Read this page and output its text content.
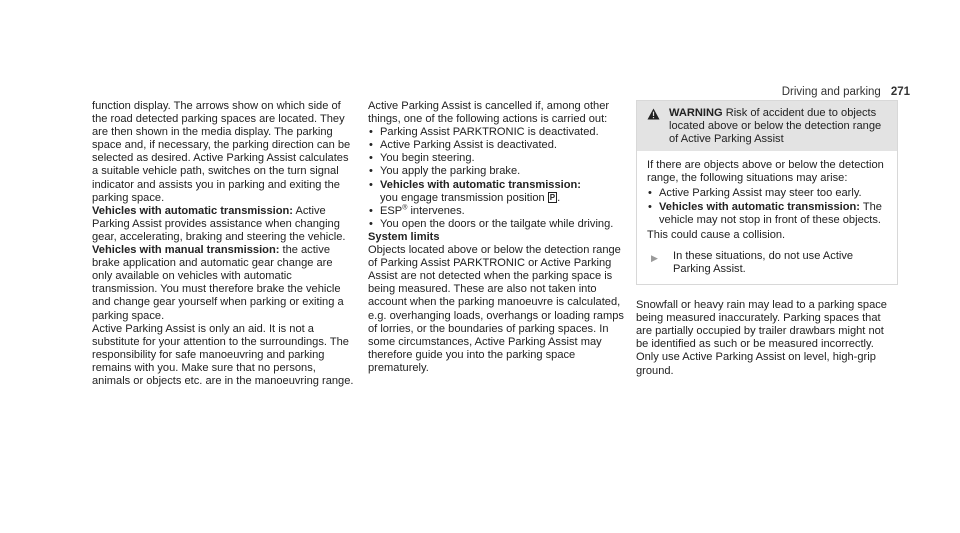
Driving and parking 271

function display. The arrows show on which side of the road detected parking spaces are located. They are then shown in the media display. The parking space and, if necessary, the parking direction can be selected as desired. Active Parking Assist calculates a suitable vehicle path, switches on the turn signal indicator and assists you in parking and exiting the parking space.

Vehicles with automatic transmission: Active Parking Assist provides assistance when changing gear, accelerating, braking and steering the vehicle.

Vehicles with manual transmission: the active brake application and automatic gear change are only available on vehicles with automatic transmission. You must therefore brake the vehicle and change gear yourself when parking or exiting a parking space.

Active Parking Assist is only an aid. It is not a substitute for your attention to the surroundings. The responsibility for safe manoeuvring and parking remains with you. Make sure that no persons, animals or objects etc. are in the manoeuvring range.

Active Parking Assist is cancelled if, among other things, one of the following actions is carried out:

• Parking Assist PARKTRONIC is deactivated.
• Active Parking Assist is deactivated.
• You begin steering.
• You apply the parking brake.
• Vehicles with automatic transmission:
you engage transmission position P .
• ESP® intervenes.
• You open the doors or the tailgate while driving.

System limits

Objects located above or below the detection range of Parking Assist PARKTRONIC or Active Parking Assist are not detected when the parking space is being measured. These are also not taken into account when the parking manoeuvre is calculated, e.g. overhanging loads, overhangs or loading ramps of lorries, or the boundaries of parking spaces. In some circumstances, Active Parking Assist may therefore guide you into the parking space prematurely.

WARNING Risk of accident due to objects located above or below the detection range of Active Parking Assist

If there are objects above or below the detection range, the following situations may arise:

• Active Parking Assist may steer too early.
• Vehicles with automatic transmission: The vehicle may not stop in front of these objects.

This could cause a collision.

▶	In these situations, do not use Active Parking Assist.

Snowfall or heavy rain may lead to a parking space being measured inaccurately. Parking spaces that are partially occupied by trailer drawbars might not be identified as such or be measured incorrectly. Only use Active Parking Assist on level, high-grip ground.
